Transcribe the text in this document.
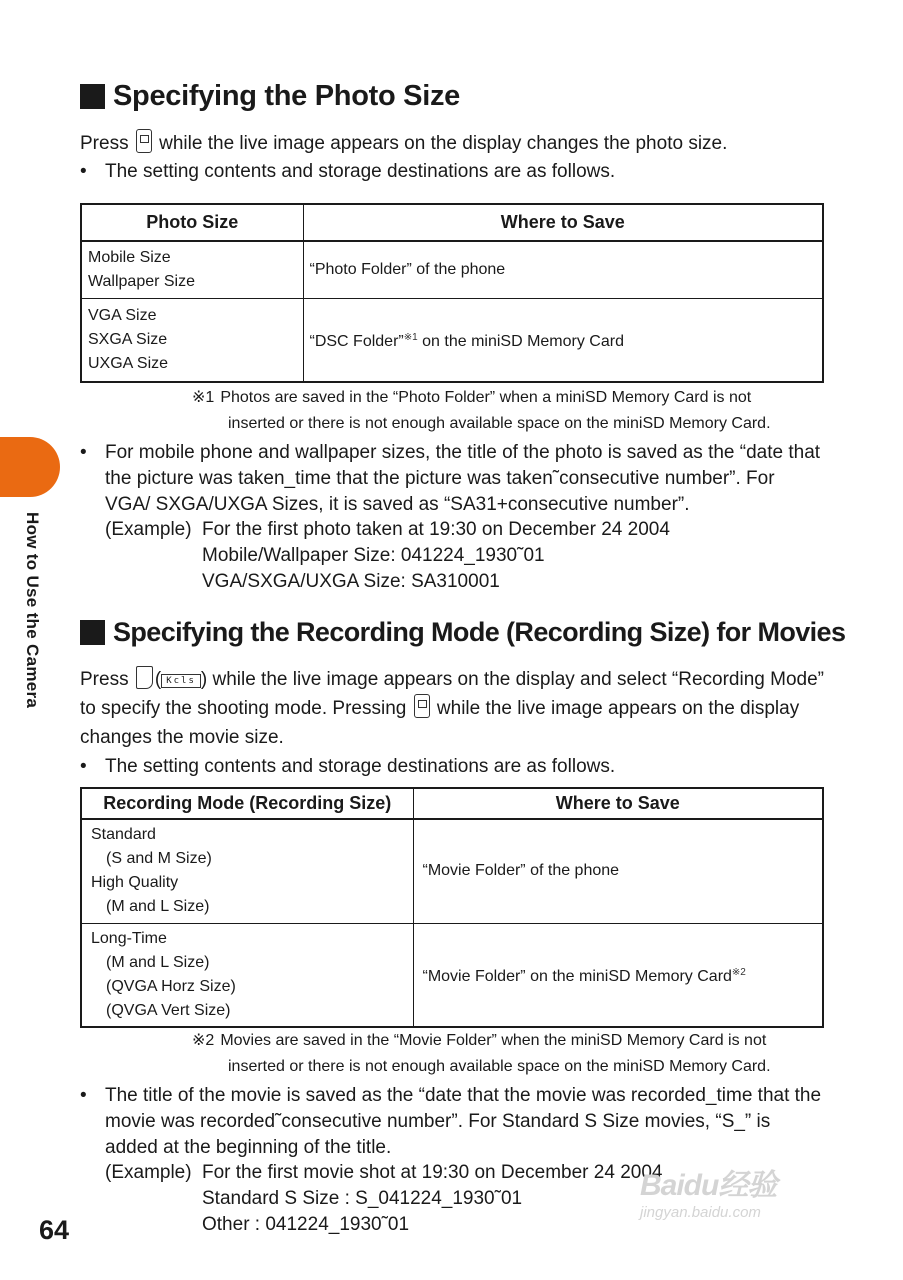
How to Use the Camera
Specifying the Photo Size
Press while the live image appears on the display changes the photo size.
• The setting contents and storage destinations are as follows.
Photo Size	Where to Save

Mobile Size
Wallpaper Size	“Photo Folder” of the phone

VGA Size
SXGA Size
UXGA Size	“DSC Folder”$^{※1}$ on the miniSD Memory Card
※1 Photos are saved in the “Photo Folder” when a miniSD Memory Card is not
inserted or there is not enough available space on the miniSD Memory Card.
• For mobile phone and wallpaper sizes, the title of the photo is saved as the “date that the picture was taken_time that the picture was taken˜consecutive number”. For VGA/ SXGA/UXGA Sizes, it is saved as “SA31+consecutive number”.
(Example) For the first photo taken at 19:30 on December 24 2004
Mobile/Wallpaper Size: 041224_1930˜01
VGA/SXGA/UXGA Size: SA310001
Specifying the Recording Mode (Recording Size) for Movies
Press ( Kcls ) while the live image appears on the display and select “Recording Mode” to specify the shooting mode. Pressing while the live image appears on the display changes the movie size.
• The setting contents and storage destinations are as follows.
Recording Mode (Recording Size)	Where to Save

Standard
(S and M Size)
High Quality
(M and L Size)	“Movie Folder” of the phone

Long-Time
(M and L Size)
(QVGA Horz Size)
(QVGA Vert Size)	“Movie Folder” on the miniSD Memory Card$^{※2}$
※2 Movies are saved in the “Movie Folder” when the miniSD Memory Card is not
inserted or there is not enough available space on the miniSD Memory Card.
• The title of the movie is saved as the “date that the movie was recorded_time that the movie was recorded˜consecutive number”. For Standard S Size movies, “S_” is added at the beginning of the title.
(Example) For the first movie shot at 19:30 on December 24 2004
Standard S Size : S_041224_1930˜01
Other : 041224_1930˜01
64
Baidu经验
jingyan.baidu.com
